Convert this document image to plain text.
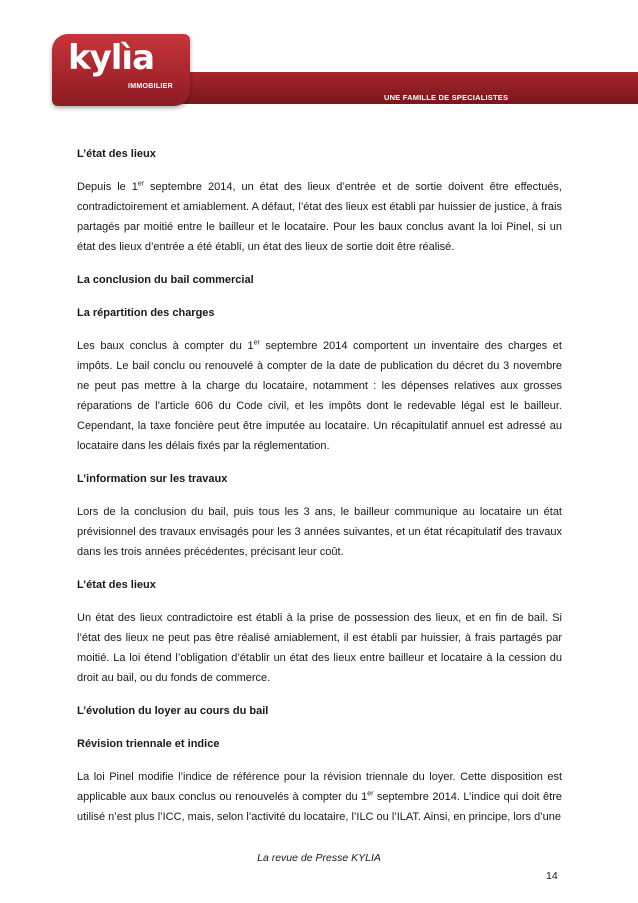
UNE FAMILLE DE SPECIALISTES
kylìa
IMMOBILIER
L’état des lieux

Depuis le 1er septembre 2014, un état des lieux d’entrée et de sortie doivent être effectués, contradictoirement et amiablement. A défaut, l’état des lieux est établi par huissier de justice, à frais partagés par moitié entre le bailleur et le locataire. Pour les baux conclus avant la loi Pinel, si un état des lieux d’entrée a été établi, un état des lieux de sortie doit être réalisé.

La conclusion du bail commercial
La répartition des charges

Les baux conclus à compter du 1er septembre 2014 comportent un inventaire des charges et impôts. Le bail conclu ou renouvelé à compter de la date de publication du décret du 3 novembre ne peut pas mettre à la charge du locataire, notamment : les dépenses relatives aux grosses réparations de l’article 606 du Code civil, et les impôts dont le redevable légal est le bailleur. Cependant, la taxe foncière peut être imputée au locataire. Un récapitulatif annuel est adressé au locataire dans les délais fixés par la réglementation.

L’information sur les travaux

Lors de la conclusion du bail, puis tous les 3 ans, le bailleur communique au locataire un état prévisionnel des travaux envisagés pour les 3 années suivantes, et un état récapitulatif des travaux dans les trois années précédentes, précisant leur coût.

L’état des lieux

Un état des lieux contradictoire est établi à la prise de possession des lieux, et en fin de bail. Si l’état des lieux ne peut pas être réalisé amiablement, il est établi par huissier, à frais partagés par moitié. La loi étend l’obligation d’établir un état des lieux entre bailleur et locataire à la cession du droit au bail, ou du fonds de commerce.

L’évolution du loyer au cours du bail
Révision triennale et indice

La loi Pinel modifie l’indice de référence pour la révision triennale du loyer. Cette disposition est applicable aux baux conclus ou renouvelés à compter du 1er septembre 2014. L’indice qui doit être utilisé n’est plus l’ICC, mais, selon l’activité du locataire, l’ILC ou l’ILAT. Ainsi, en principe, lors d’une

La revue de Presse KYLIA
14
